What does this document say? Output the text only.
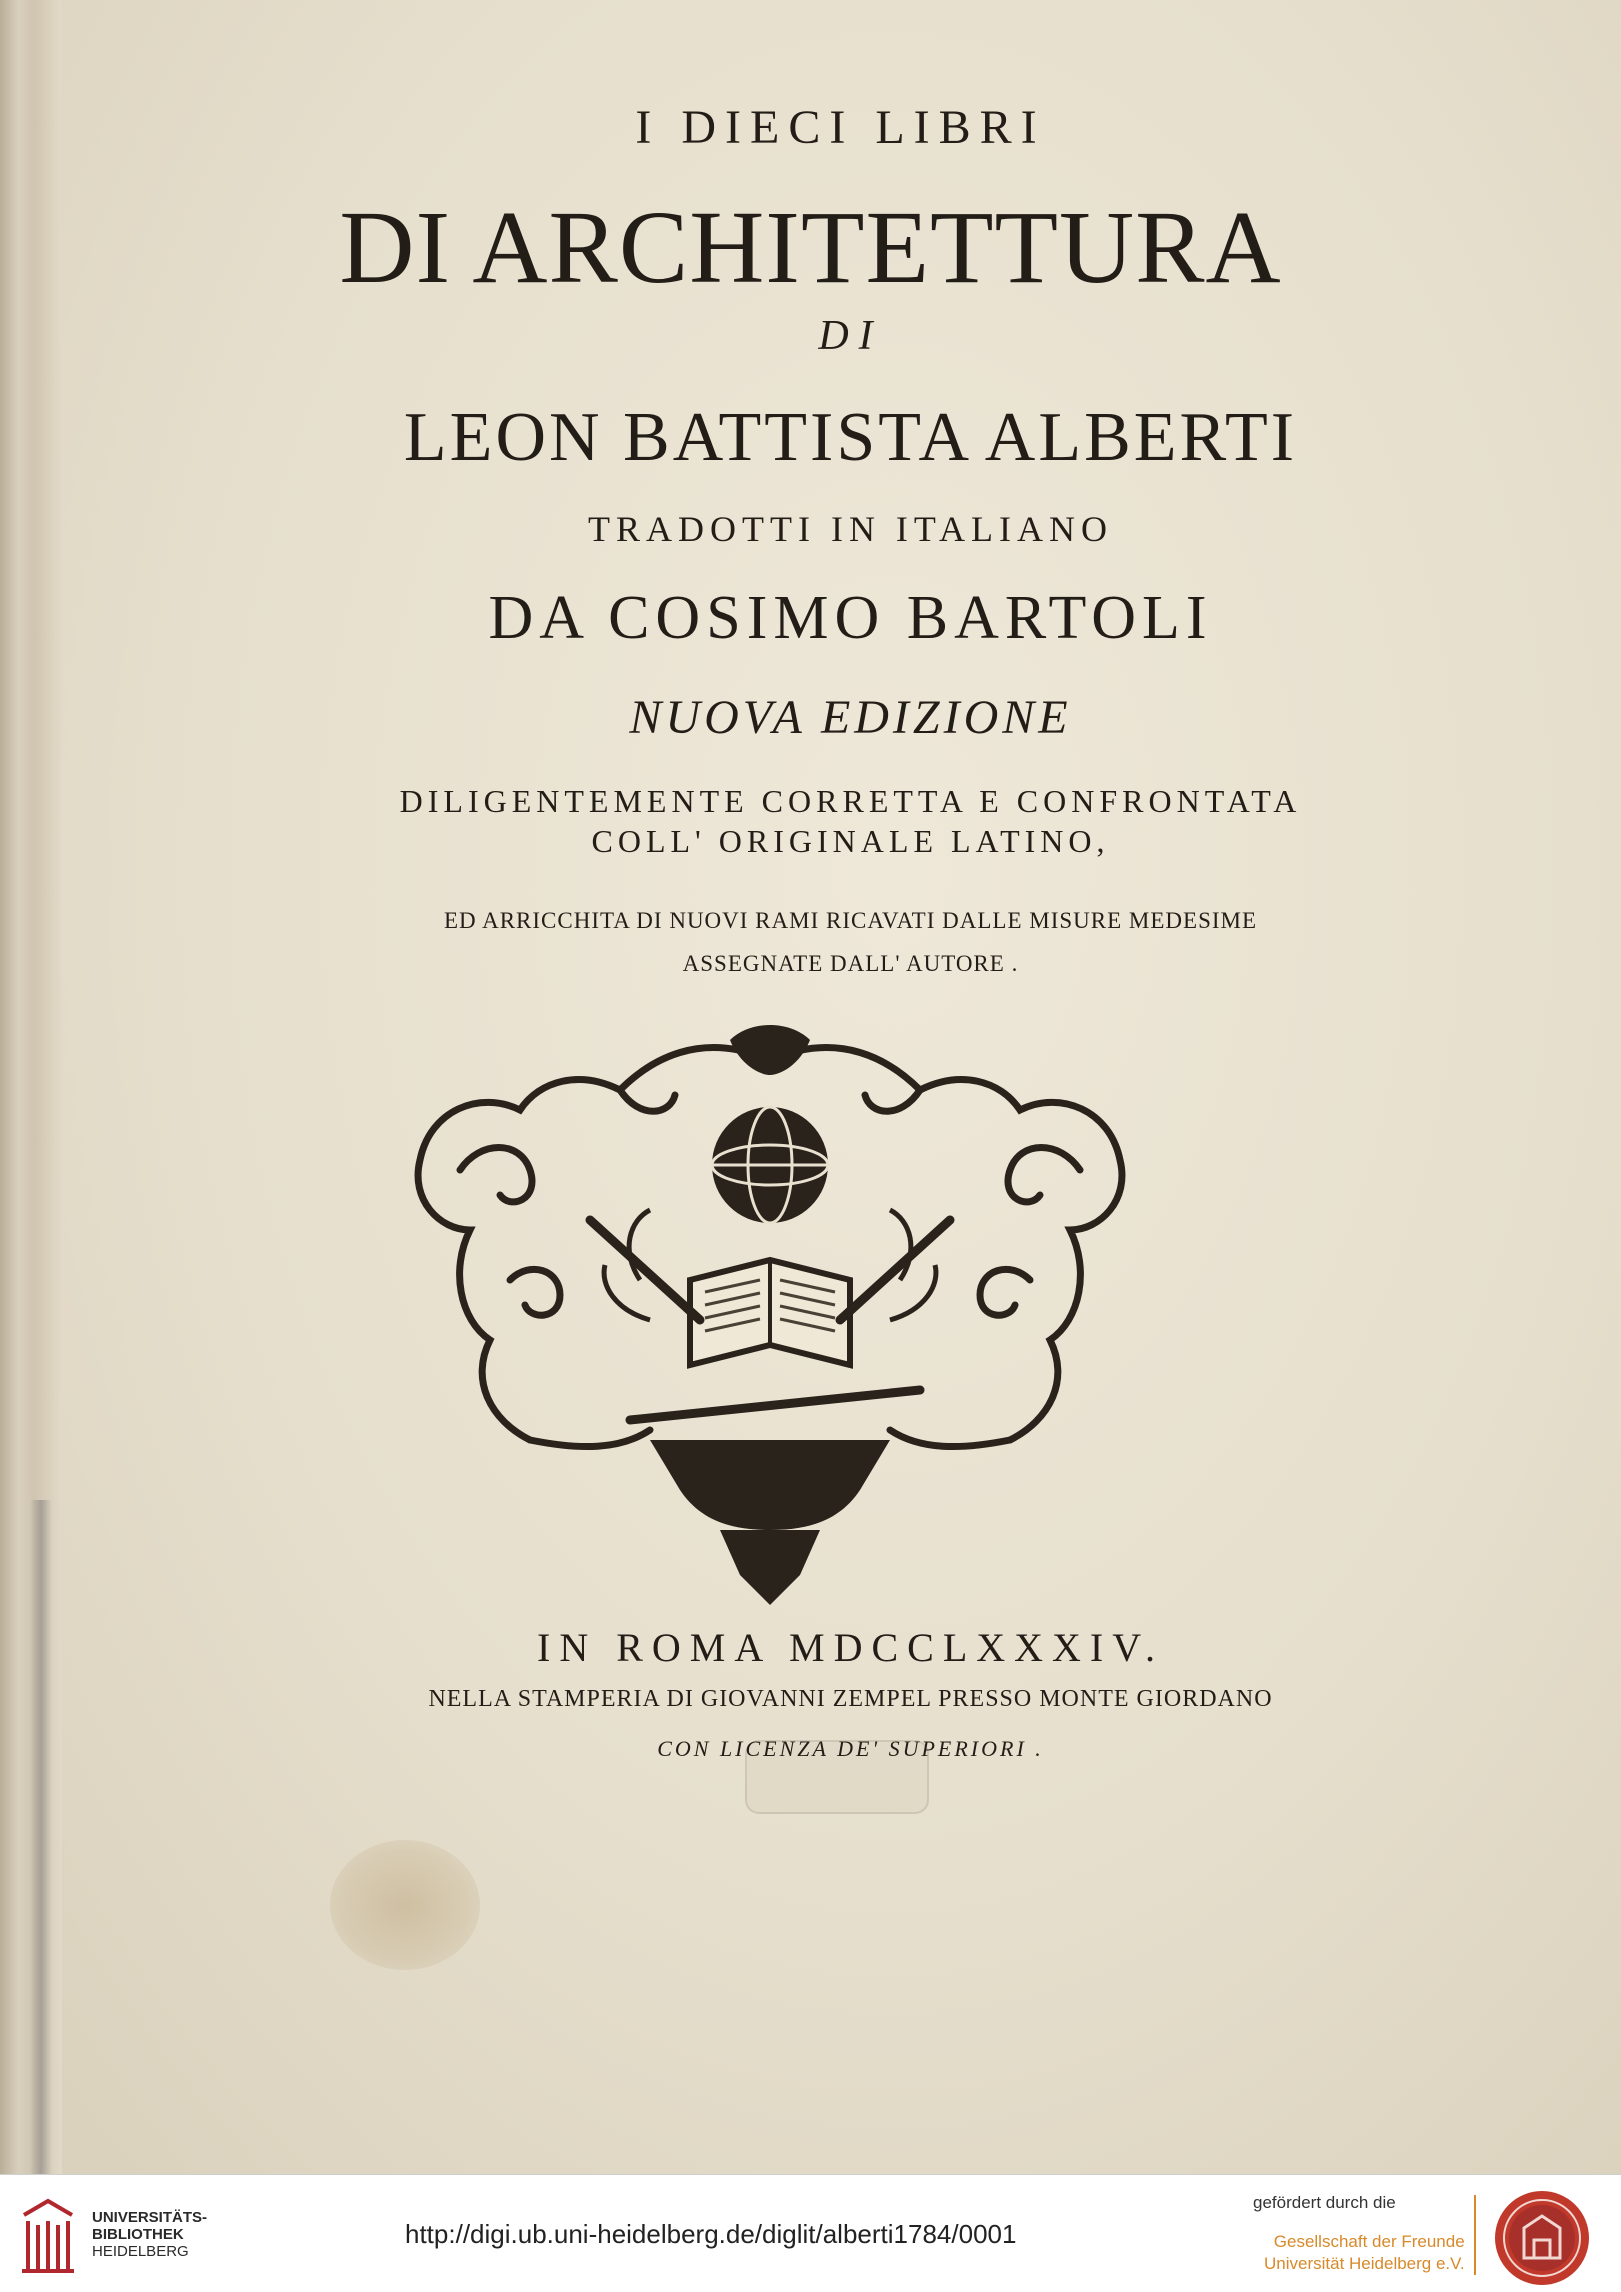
I DIECI LIBRI
DI ARCHITETTURA
DI
LEON BATTISTA ALBERTI
TRADOTTI IN ITALIANO
DA COSIMO BARTOLI
NUOVA EDIZIONE
DILIGENTEMENTE CORRETTA E CONFRONTATA
COLL' ORIGINALE LATINO,
ED ARRICCHITA DI NUOVI RAMI RICAVATI DALLE MISURE MEDESIME
ASSEGNATE DALL' AUTORE .
IN ROMA MDCCLXXXIV.
NELLA STAMPERIA DI GIOVANNI ZEMPEL PRESSO MONTE GIORDANO
CON LICENZA DE' SUPERIORI .
UNIVERSITÄTS-
BIBLIOTHEK
HEIDELBERG
http://digi.ub.uni-heidelberg.de/diglit/alberti1784/0001
gefördert durch die
Gesellschaft der Freunde
Universität Heidelberg e.V.
